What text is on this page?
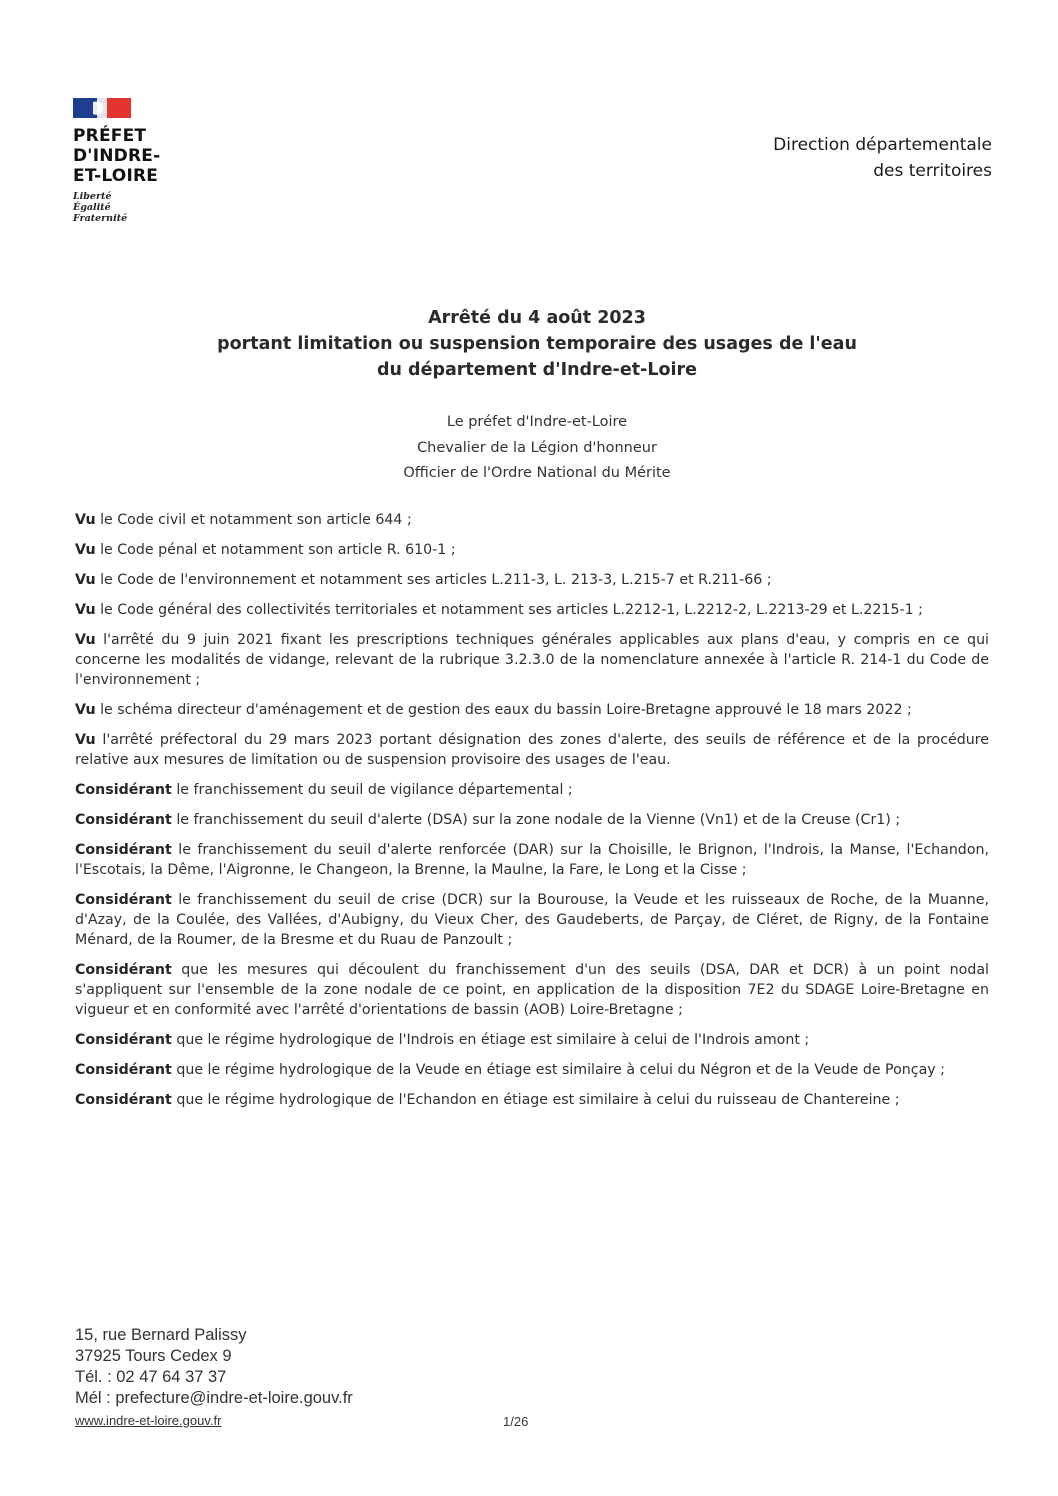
PRÉFET
D'INDRE-
ET-LOIRE
Liberté
Égalité
Fraternité
Direction départementale
des territoires
Arrêté du 4 août 2023
portant limitation ou suspension temporaire des usages de l'eau
du département d'Indre-et-Loire
Le préfet d'Indre-et-Loire
Chevalier de la Légion d'honneur
Officier de l'Ordre National du Mérite

Vu le Code civil et notamment son article 644 ;

Vu le Code pénal et notamment son article R. 610-1 ;

Vu le Code de l'environnement et notamment ses articles L.211-3, L. 213-3, L.215-7 et R.211-66 ;

Vu le Code général des collectivités territoriales et notamment ses articles L.2212-1, L.2212-2, L.2213-29 et L.2215-1 ;

Vu l'arrêté du 9 juin 2021 fixant les prescriptions techniques générales applicables aux plans d'eau, y compris en ce qui concerne les modalités de vidange, relevant de la rubrique 3.2.3.0 de la nomenclature annexée à l'article R. 214-1 du Code de l'environnement ;

Vu le schéma directeur d'aménagement et de gestion des eaux du bassin Loire-Bretagne approuvé le 18 mars 2022 ;

Vu l'arrêté préfectoral du 29 mars 2023 portant désignation des zones d'alerte, des seuils de référence et de la procédure relative aux mesures de limitation ou de suspension provisoire des usages de l'eau.

Considérant le franchissement du seuil de vigilance départemental ;

Considérant le franchissement du seuil d'alerte (DSA) sur la zone nodale de la Vienne (Vn1) et de la Creuse (Cr1) ;

Considérant le franchissement du seuil d'alerte renforcée (DAR) sur la Choisille, le Brignon, l'Indrois, la Manse, l'Echandon, l'Escotais, la Dême, l'Aigronne, le Changeon, la Brenne, la Maulne, la Fare, le Long et la Cisse ;

Considérant le franchissement du seuil de crise (DCR) sur la Bourouse, la Veude et les ruisseaux de Roche, de la Muanne, d'Azay, de la Coulée, des Vallées, d'Aubigny, du Vieux Cher, des Gaudeberts, de Parçay, de Cléret, de Rigny, de la Fontaine Ménard, de la Roumer, de la Bresme et du Ruau de Panzoult ;

Considérant que les mesures qui découlent du franchissement d'un des seuils (DSA, DAR et DCR) à un point nodal s'appliquent sur l'ensemble de la zone nodale de ce point, en application de la disposition 7E2 du SDAGE Loire-Bretagne en vigueur et en conformité avec l'arrêté d'orientations de bassin (AOB) Loire-Bretagne ;

Considérant que le régime hydrologique de l'Indrois en étiage est similaire à celui de l'Indrois amont ;

Considérant que le régime hydrologique de la Veude en étiage est similaire à celui du Négron et de la Veude de Ponçay ;

Considérant que le régime hydrologique de l'Echandon en étiage est similaire à celui du ruisseau de Chantereine ;

15, rue Bernard Palissy
37925 Tours Cedex 9
Tél. : 02 47 64 37 37
Mél : prefecture@indre-et-loire.gouv.fr
www.indre-et-loire.gouv.fr	1/26
